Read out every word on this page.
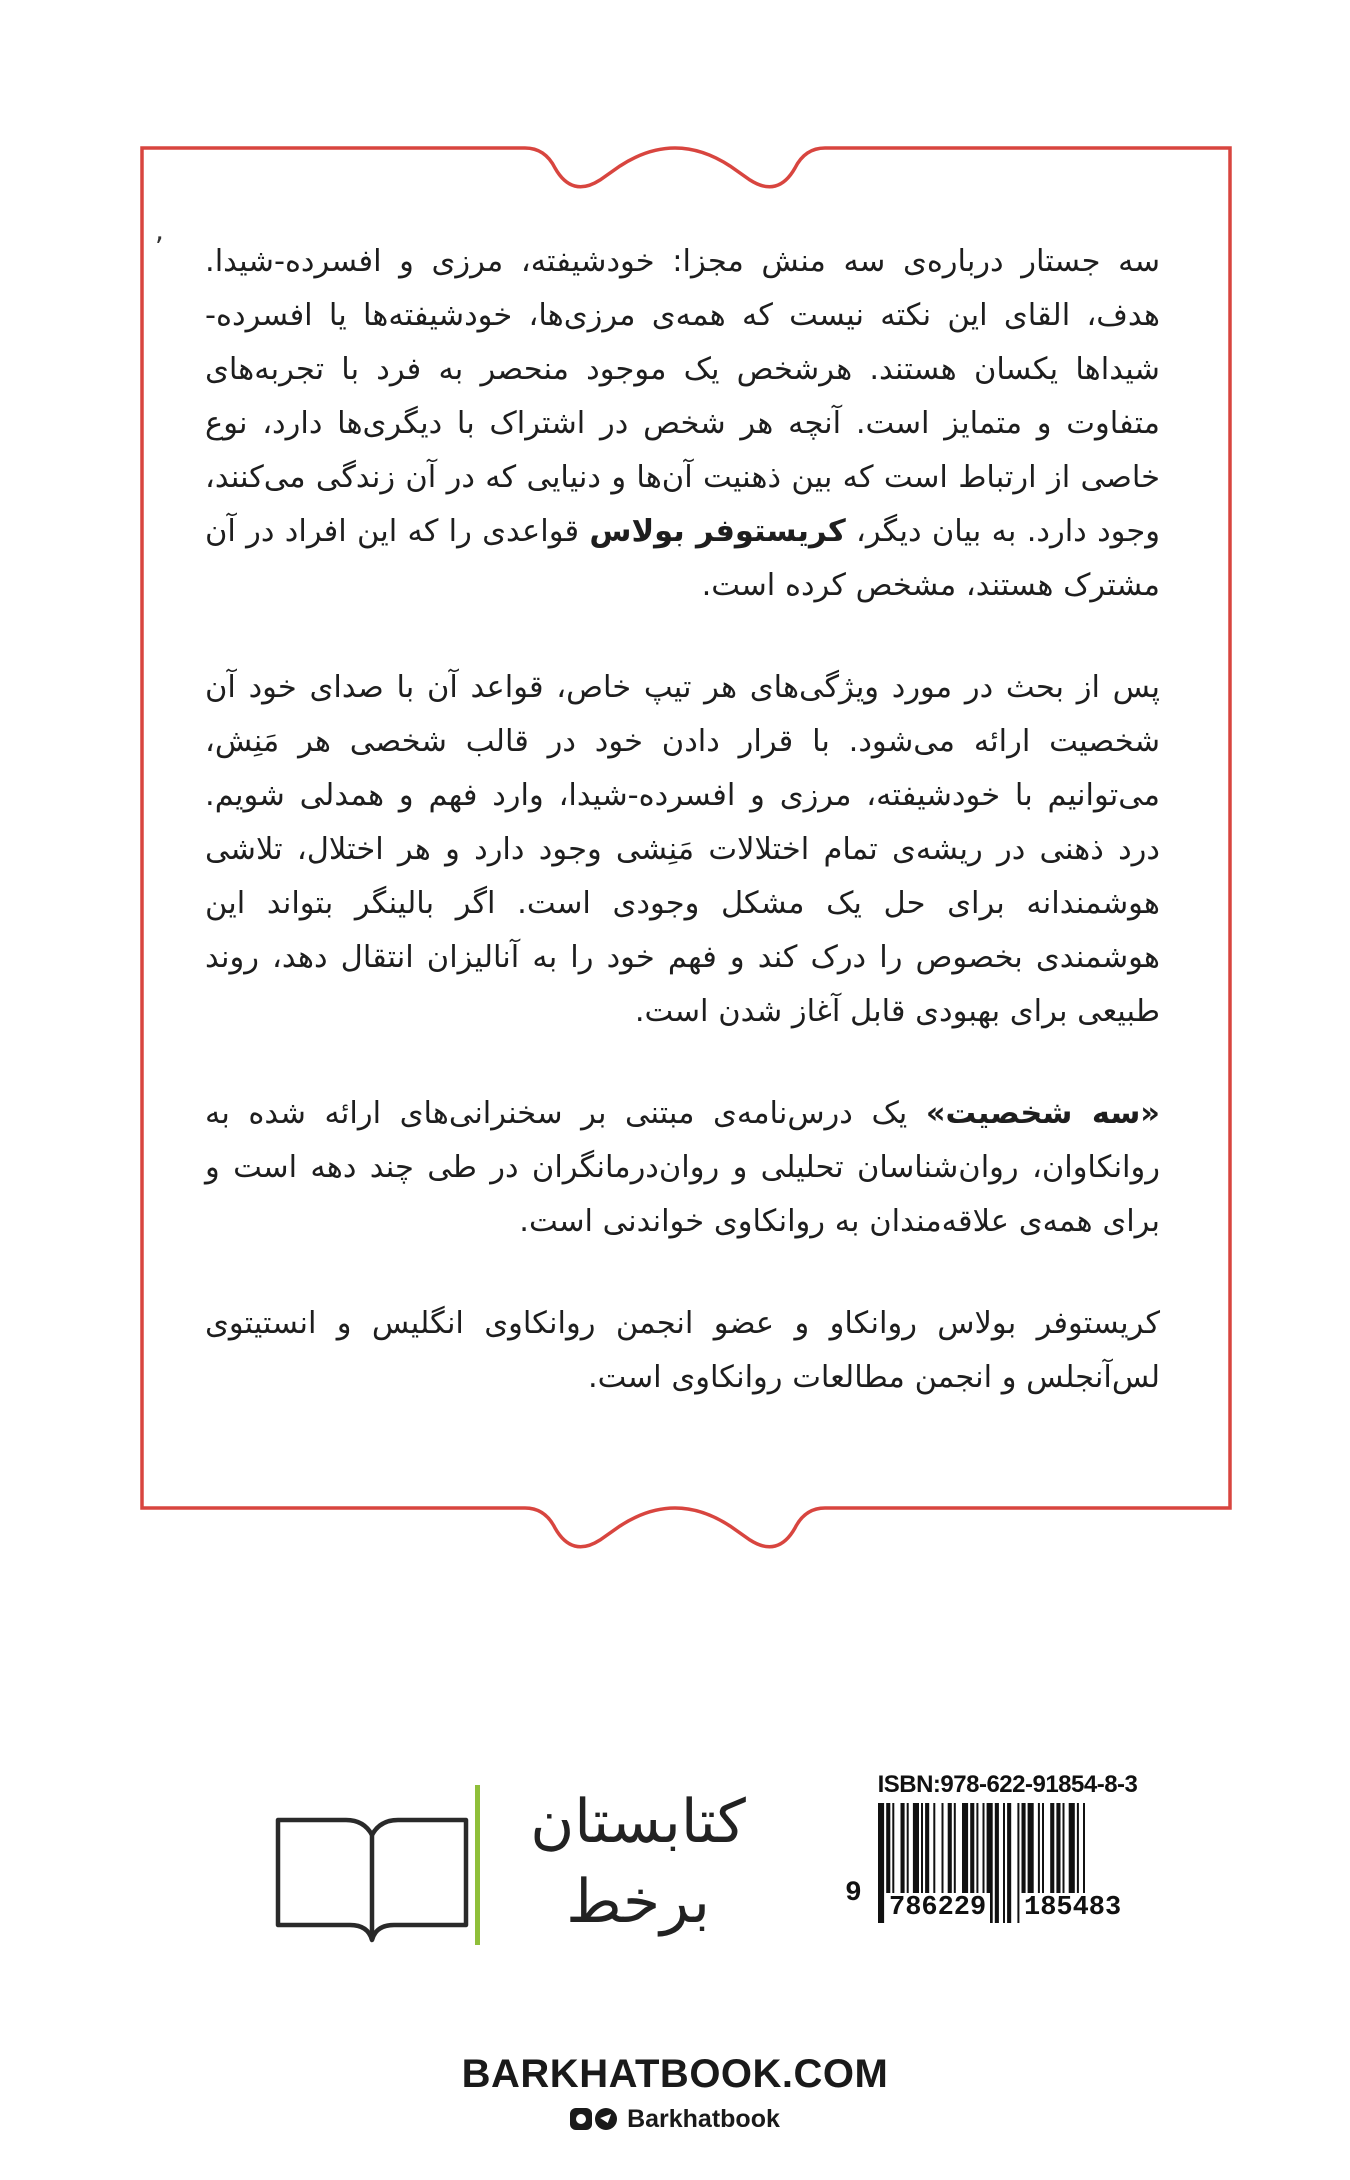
,

سه جستار درباره‌ی سه منش مجزا: خودشیفته، مرزی و افسرده-شیدا. هدف، القای این نکته نیست که همه‌ی مرزی‌ها، خودشیفته‌ها یا افسرده-شیداها یکسان هستند. هرشخص یک موجود منحصر به فرد با تجربه‌های متفاوت و متمایز است. آنچه هر شخص در اشتراک با دیگری‌ها دارد، نوع خاصی از ارتباط است که بین ذهنیت آن‌ها و دنیایی که در آن زندگی می‌کنند، وجود دارد. به بیان دیگر، کریستوفر بولاس قواعدی را که این افراد در آن مشترک هستند، مشخص کرده است.

پس از بحث در مورد ویژگی‌های هر تیپ خاص، قواعد آن با صدای خود آن شخصیت ارائه می‌شود. با قرار دادن خود در قالب شخصی هر مَنِش، می‌توانیم با خودشیفته، مرزی و افسرده-شیدا، وارد فهم و همدلی شویم. درد ذهنی در ریشه‌ی تمام اختلالات مَنِشی وجود دارد و هر اختلال، تلاشی هوشمندانه برای حل یک مشکل وجودی است. اگر بالینگر بتواند این هوشمندی بخصوص را درک کند و فهم خود را به آنالیزان انتقال دهد، روند طبیعی برای بهبودی قابل آغاز شدن است.

«سه شخصیت» یک درس‌نامه‌ی مبتنی بر سخنرانی‌های ارائه شده به روانکاوان، روان‌شناسان تحلیلی و روان‌درمانگران در طی چند دهه است و برای همه‌ی علاقه‌مندان به روانکاوی خواندنی است.

کریستوفر بولاس روانکاو و عضو انجمن روانکاوی انگلیس و انستیتوی لس‌آنجلس و انجمن مطالعات روانکاوی است.

کتابستان
برخط
ISBN:978-622-91854-8-3
9 786229 185483
BARKHATBOOK.COM
Barkhatbook
